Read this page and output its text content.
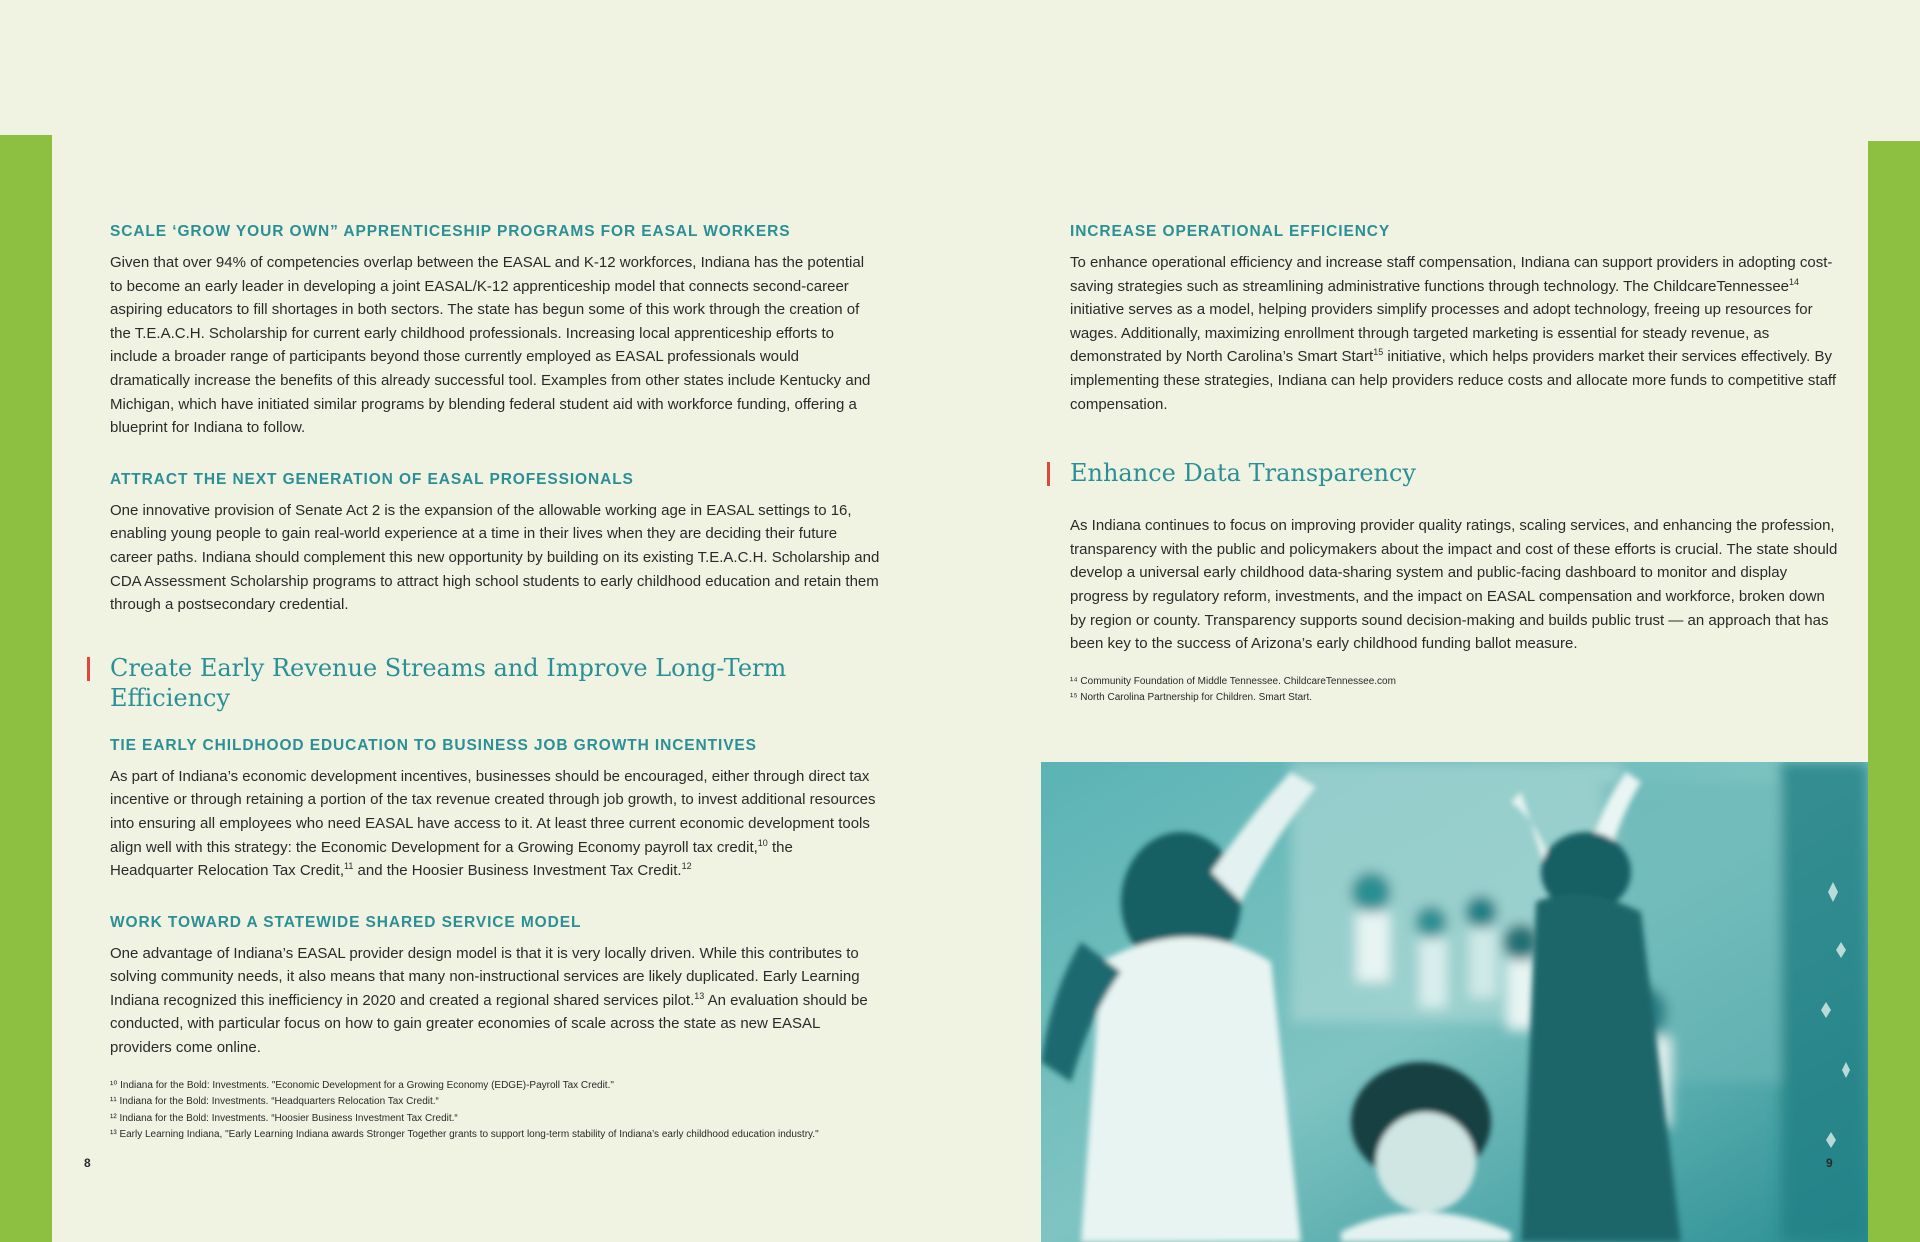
SCALE ‘GROW YOUR OWN” APPRENTICESHIP PROGRAMS FOR EASAL WORKERS

Given that over 94% of competencies overlap between the EASAL and K-12 workforces, Indiana has the potential to become an early leader in developing a joint EASAL/K-12 apprenticeship model that connects second-career aspiring educators to fill shortages in both sectors. The state has begun some of this work through the creation of the T.E.A.C.H. Scholarship for current early childhood professionals. Increasing local apprenticeship efforts to include a broader range of participants beyond those currently employed as EASAL professionals would dramatically increase the benefits of this already successful tool. Examples from other states include Kentucky and Michigan, which have initiated similar programs by blending federal student aid with workforce funding, offering a blueprint for Indiana to follow.

ATTRACT THE NEXT GENERATION OF EASAL PROFESSIONALS

One innovative provision of Senate Act 2 is the expansion of the allowable working age in EASAL settings to 16, enabling young people to gain real-world experience at a time in their lives when they are deciding their future career paths. Indiana should complement this new opportunity by building on its existing T.E.A.C.H. Scholarship and CDA Assessment Scholarship programs to attract high school students to early childhood education and retain them through a postsecondary credential.

Create Early Revenue Streams and Improve Long-Term Efficiency
TIE EARLY CHILDHOOD EDUCATION TO BUSINESS JOB GROWTH INCENTIVES

As part of Indiana’s economic development incentives, businesses should be encouraged, either through direct tax incentive or through retaining a portion of the tax revenue created through job growth, to invest additional resources into ensuring all employees who need EASAL have access to it. At least three current economic development tools align well with this strategy: the Economic Development for a Growing Economy payroll tax credit,$^{10}$ the Headquarter Relocation Tax Credit,$^{11}$ and the Hoosier Business Investment Tax Credit.$^{12}$

WORK TOWARD A STATEWIDE SHARED SERVICE MODEL

One advantage of Indiana’s EASAL provider design model is that it is very locally driven. While this contributes to solving community needs, it also means that many non-instructional services are likely duplicated. Early Learning Indiana recognized this inefficiency in 2020 and created a regional shared services pilot.$^{13}$ An evaluation should be conducted, with particular focus on how to gain greater economies of scale across the state as new EASAL providers come online.

¹⁰ Indiana for the Bold: Investments. "Economic Development for a Growing Economy (EDGE)-Payroll Tax Credit."
¹¹ Indiana for the Bold: Investments. “Headquarters Relocation Tax Credit.“
¹² Indiana for the Bold: Investments. “Hoosier Business Investment Tax Credit.“
¹³ Early Learning Indiana, "Early Learning Indiana awards Stronger Together grants to support long-term stability of Indiana’s early childhood education industry."
8
INCREASE OPERATIONAL EFFICIENCY

To enhance operational efficiency and increase staff compensation, Indiana can support providers in adopting cost-saving strategies such as streamlining administrative functions through technology. The ChildcareTennessee$^{14}$ initiative serves as a model, helping providers simplify processes and adopt technology, freeing up resources for wages. Additionally, maximizing enrollment through targeted marketing is essential for steady revenue, as demonstrated by North Carolina’s Smart Start$^{15}$ initiative, which helps providers market their services effectively. By implementing these strategies, Indiana can help providers reduce costs and allocate more funds to competitive staff compensation.

Enhance Data Transparency

As Indiana continues to focus on improving provider quality ratings, scaling services, and enhancing the profession, transparency with the public and policymakers about the impact and cost of these efforts is crucial. The state should develop a universal early childhood data-sharing system and public-facing dashboard to monitor and display progress by regulatory reform, investments, and the impact on EASAL compensation and workforce, broken down by region or county. Transparency supports sound decision-making and builds public trust — an approach that has been key to the success of Arizona’s early childhood funding ballot measure.

¹⁴ Community Foundation of Middle Tennessee. ChildcareTennessee.com
¹⁵ North Carolina Partnership for Children. Smart Start.
9
